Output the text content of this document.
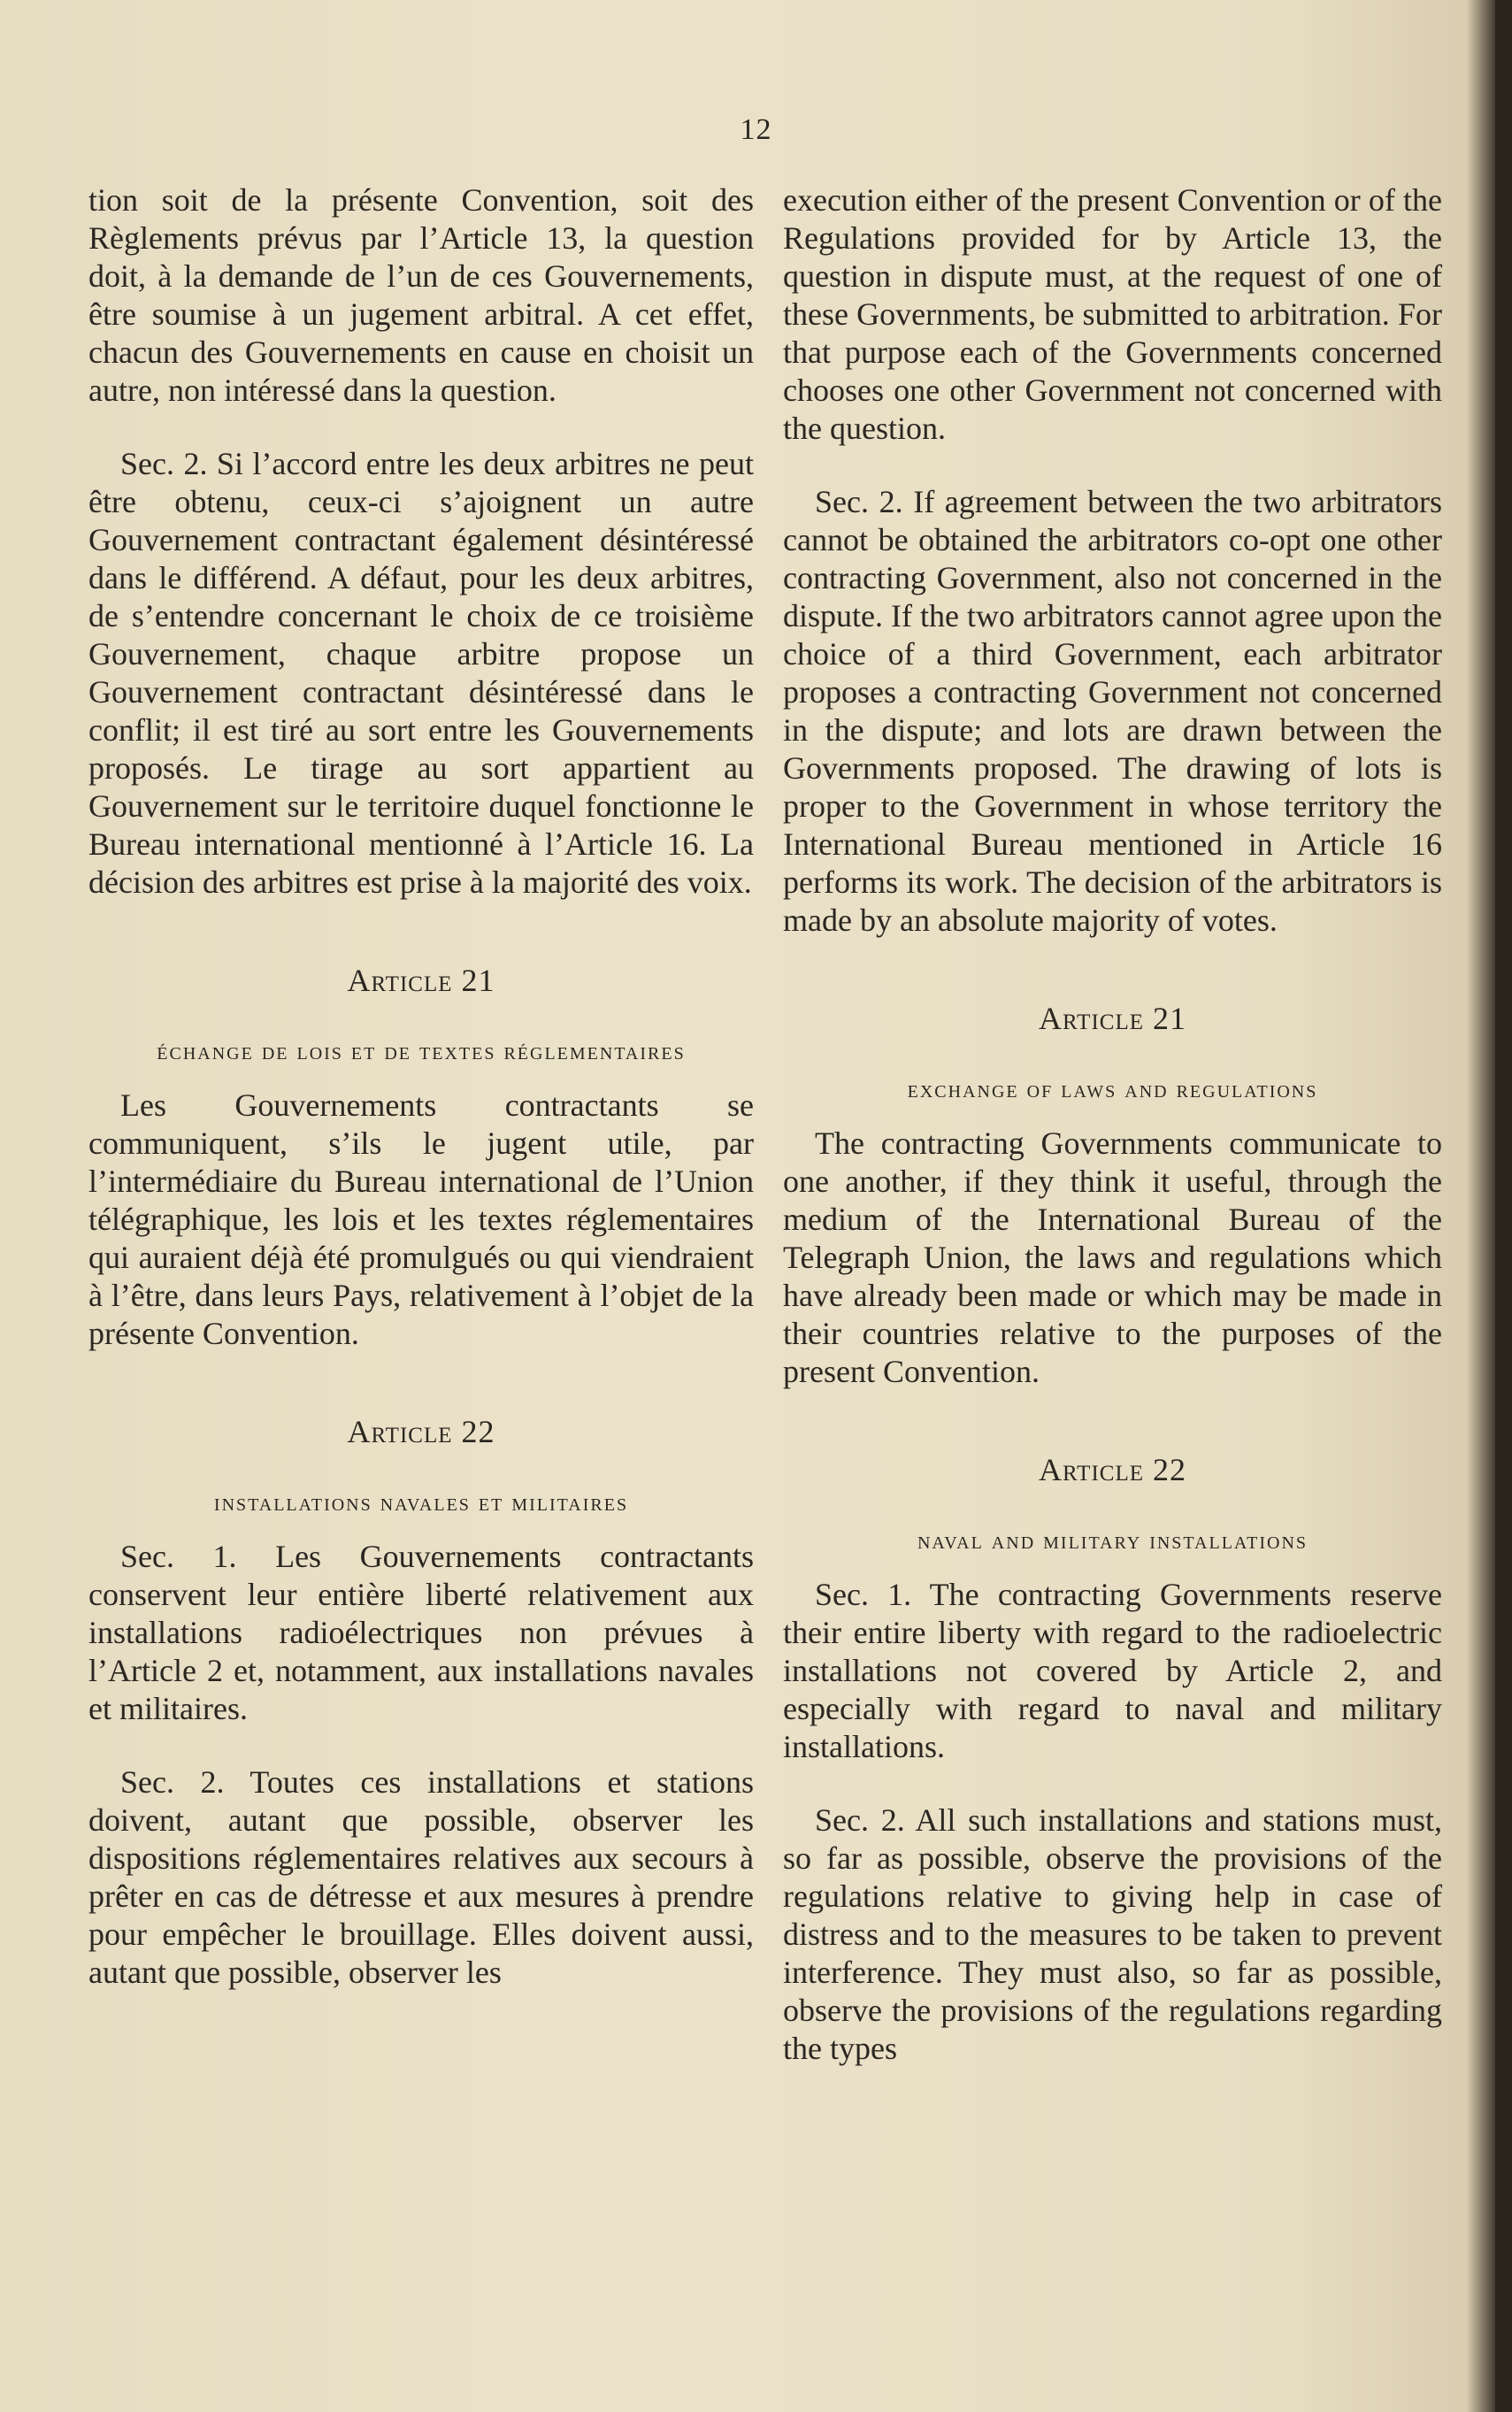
12

tion soit de la présente Convention, soit des Règlements prévus par l’Article 13, la question doit, à la demande de l’un de ces Gouvernements, être soumise à un jugement arbitral. A cet effet, chacun des Gouvernements en cause en choisit un autre, non intéressé dans la question.

Sec. 2. Si l’accord entre les deux arbitres ne peut être obtenu, ceux-ci s’ajoignent un autre Gouvernement contractant également désintéressé dans le différend. A défaut, pour les deux arbitres, de s’entendre concernant le choix de ce troisième Gouvernement, chaque arbitre propose un Gouvernement contractant désintéressé dans le conflit; il est tiré au sort entre les Gouvernements proposés. Le tirage au sort appartient au Gouvernement sur le territoire duquel fonctionne le Bureau international mentionné à l’Article 16. La décision des arbitres est prise à la majorité des voix.

Article 21
échange de lois et de textes réglementaires

Les Gouvernements contractants se communiquent, s’ils le jugent utile, par l’intermédiaire du Bureau international de l’Union télégraphique, les lois et les textes réglementaires qui auraient déjà été promulgués ou qui viendraient à l’être, dans leurs Pays, relativement à l’objet de la présente Convention.

Article 22
installations navales et militaires

Sec. 1. Les Gouvernements contractants conservent leur entière liberté relativement aux installations radioélectriques non prévues à l’Article 2 et, notamment, aux installations navales et militaires.

Sec. 2. Toutes ces installations et stations doivent, autant que possible, observer les dispositions réglementaires relatives aux secours à prêter en cas de détresse et aux mesures à prendre pour empêcher le brouillage. Elles doivent aussi, autant que possible, observer les

execution either of the present Convention or of the Regulations provided for by Article 13, the question in dispute must, at the request of one of these Governments, be submitted to arbitration. For that purpose each of the Governments concerned chooses one other Government not concerned with the question.

Sec. 2. If agreement between the two arbitrators cannot be obtained the arbitrators co-opt one other contracting Government, also not concerned in the dispute. If the two arbitrators cannot agree upon the choice of a third Government, each arbitrator proposes a contracting Government not concerned in the dispute; and lots are drawn between the Governments proposed. The drawing of lots is proper to the Government in whose territory the International Bureau mentioned in Article 16 performs its work. The decision of the arbitrators is made by an absolute majority of votes.

Article 21
exchange of laws and regulations

The contracting Governments communicate to one another, if they think it useful, through the medium of the International Bureau of the Telegraph Union, the laws and regulations which have already been made or which may be made in their countries relative to the purposes of the present Convention.

Article 22
naval and military installations

Sec. 1. The contracting Governments reserve their entire liberty with regard to the radioelectric installations not covered by Article 2, and especially with regard to naval and military installations.

Sec. 2. All such installations and stations must, so far as possible, observe the provisions of the regulations relative to giving help in case of distress and to the measures to be taken to prevent interference. They must also, so far as possible, observe the provisions of the regulations regarding the types
